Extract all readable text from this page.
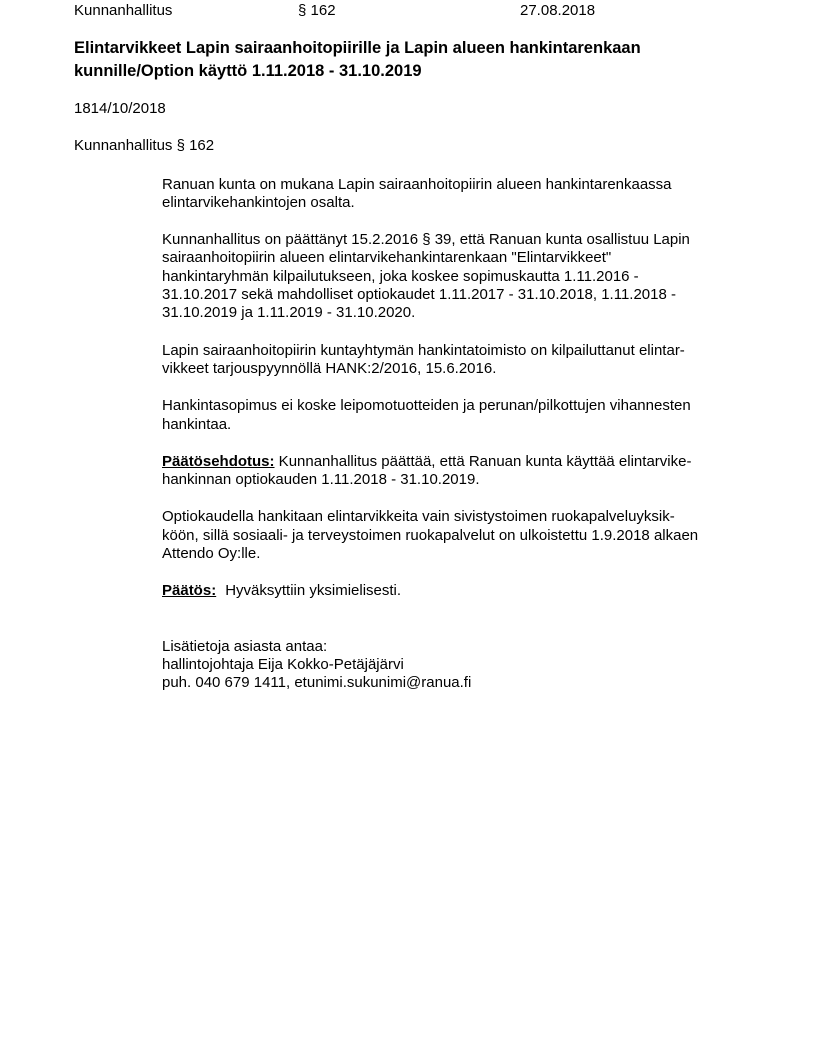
Kunnanhallitus	§ 162	27.08.2018
Elintarvikkeet Lapin sairaanhoitopiirille ja Lapin alueen hankintarenkaan
kunnille/Option käyttö 1.11.2018 - 31.10.2019
1814/10/2018
Kunnanhallitus § 162

Ranuan kunta on mukana Lapin sairaanhoitopiirin alueen hankintarenkaassa
elintarvikehankintojen osalta.

Kunnanhallitus on päättänyt 15.2.2016 § 39, että Ranuan kunta osallistuu Lapin
sairaanhoitopiirin alueen elintarvikehankintarenkaan "Elintarvikkeet"
hankintaryhmän kilpailutukseen, joka koskee sopimuskautta 1.11.2016 -
31.10.2017 sekä mahdolliset optiokaudet 1.11.2017 - 31.10.2018, 1.11.2018 -
31.10.2019 ja 1.11.2019 - 31.10.2020.

Lapin sairaanhoitopiirin kuntayhtymän hankintatoimisto on kilpailuttanut elintar-
vikkeet tarjouspyynnöllä HANK:2/2016, 15.6.2016.

Hankintasopimus ei koske leipomotuotteiden ja perunan/pilkottujen vihannesten
hankintaa.

Päätösehdotus: Kunnanhallitus päättää, että Ranuan kunta käyttää elintarvike-
hankinnan optiokauden 1.11.2018 - 31.10.2019.

Optiokaudella hankitaan elintarvikkeita vain sivistystoimen ruokapalveluyksik-
köön, sillä sosiaali- ja terveystoimen ruokapalvelut on ulkoistettu 1.9.2018 alkaen
Attendo Oy:lle.

Päätös: Hyväksyttiin yksimielisesti.

Lisätietoja asiasta antaa:
hallintojohtaja Eija Kokko-Petäjäjärvi
puh. 040 679 1411, etunimi.sukunimi@ranua.fi
